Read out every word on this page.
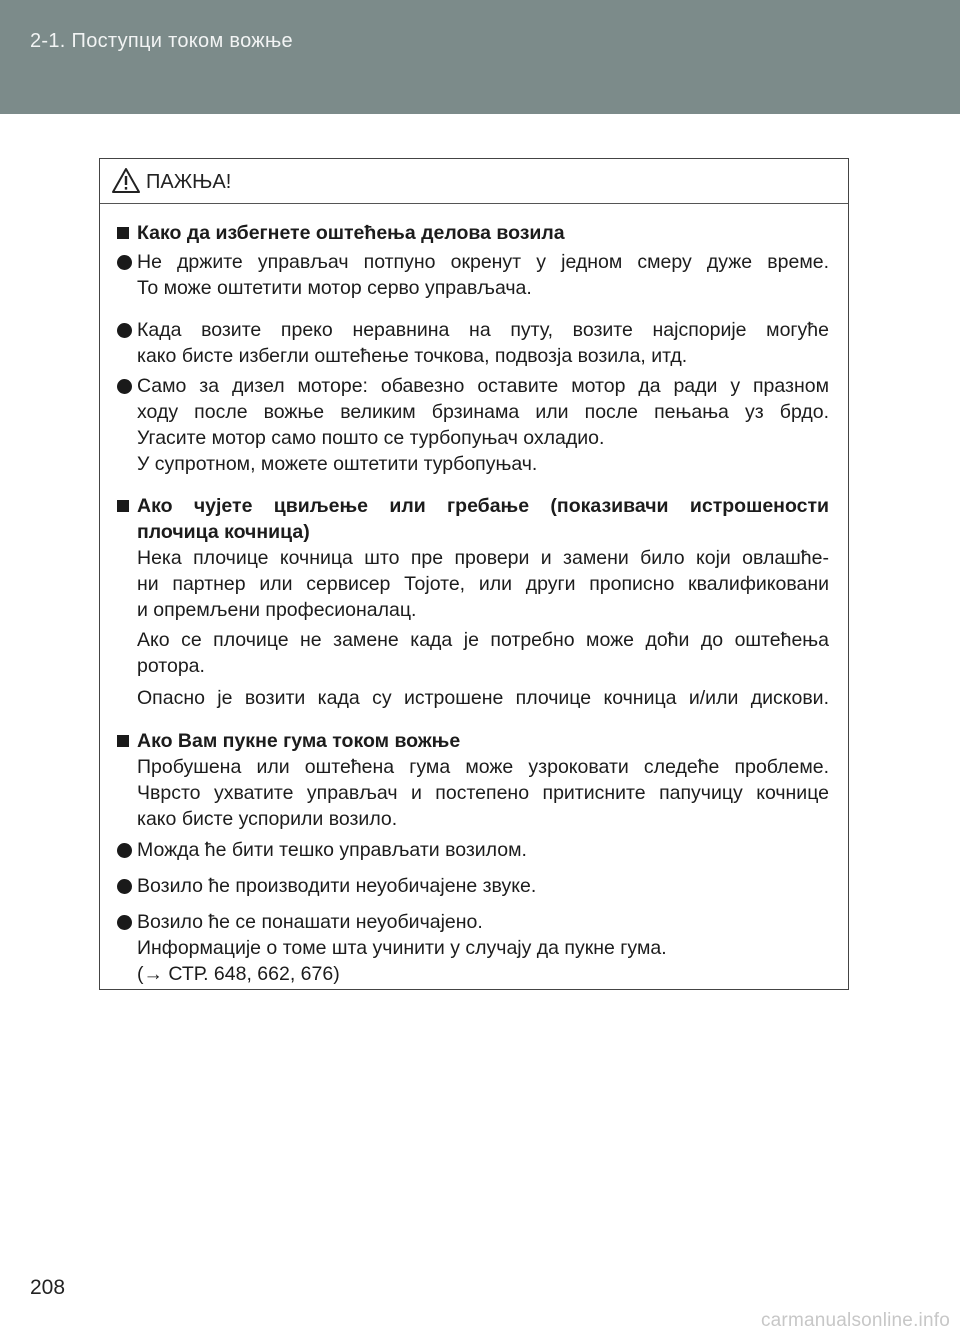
2-1. Поступци током вожње
ПАЖЊА!
Како да избегнете оштећења делова возила
Не држите управљач потпуно окренут у једном смеру дуже време.
То може оштетити мотор серво управљача.
Када возите преко неравнина на путу, возите најспорије могуће
како бисте избегли оштећење точкова, подвозја возила, итд.
Само за дизел моторе: обавезно оставите мотор да ради у празном
ходу после вожње великим брзинама или после пењања уз брдо.
Угасите мотор само пошто се турбопуњач охладио.
У супротном, можете оштетити турбопуњач.
Ако чујете цвиљење или гребање (показивачи истрошености
плочица кочница)
Нека плочице кочница што пре провери и замени било који овлашће-
ни партнер или сервисер Тојоте, или други прописно квалификовани
и опремљени професионалац.
Ако се плочице не замене када је потребно може доћи до оштећења
ротора.
Опасно је возити када су истрошене плочице кочница и/или дискови.
Ако Вам пукне гума током вожње
Пробушена или оштећена гума може узроковати следеће проблеме.
Чврсто ухватите управљач и постепено притисните папучицу кочнице
како бисте успорили возило.
Можда ће бити тешко управљати возилом.
Возило ће производити неуобичајене звуке.
Возило ће се понашати неуобичајено.
Информације о томе шта учинити у случају да пукне гума.
(→ СТР. 648, 662, 676)
208
carmanualsonline.info
